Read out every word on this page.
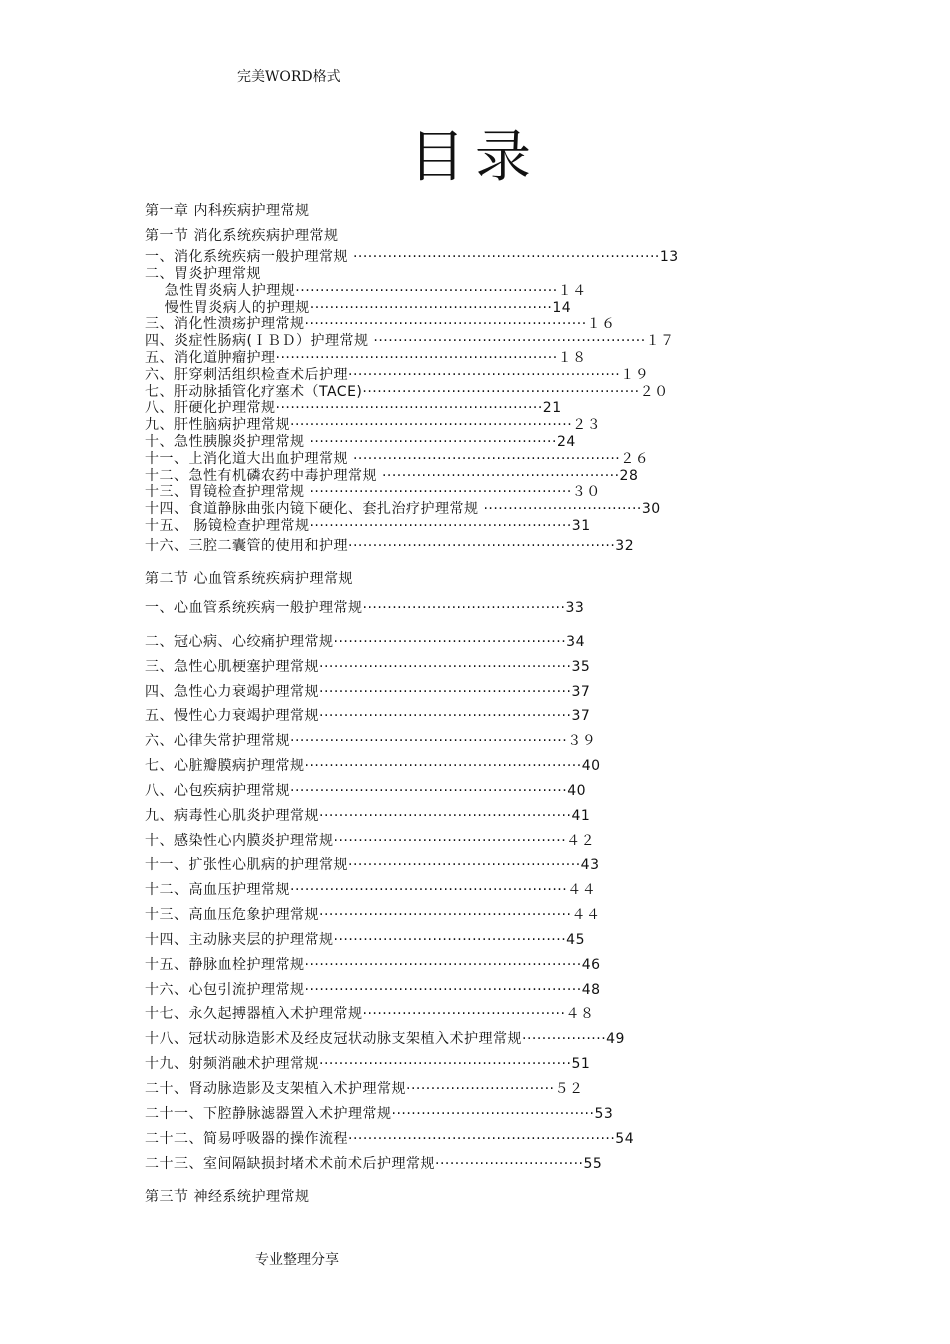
完美WORD格式
目录
第一章 内科疾病护理常规
第一节 消化系统疾病护理常规
一、消化系统疾病一般护理常规 ······························································13
二、胃炎护理常规
急性胃炎病人护理规·····················································１４
慢性胃炎病人的护理规·················································14
三、消化性溃疡护理常规·························································１６
四、炎症性肠病(ＩＢＤ）护理常规 ·······················································１７
五、消化道肿瘤护理·························································１８
六、肝穿刺活组织检查术后护理·······················································１９
七、肝动脉插管化疗塞术（TACE)························································２０
八、肝硬化护理常规······················································21
九、肝性脑病护理常规·························································２３
十、急性胰腺炎护理常规 ··················································24
十一、上消化道大出血护理常规 ······················································２６
十二、急性有机磷农药中毒护理常规 ················································28
十三、胃镜检查护理常规 ·····················································３０
十四、食道静脉曲张内镜下硬化、套扎治疗护理常规 ································30
十五、 肠镜检查护理常规·····················································31
十六、三腔二囊管的使用和护理······················································32
第二节 心血管系统疾病护理常规
一、心血管系统疾病一般护理常规·········································33
二、冠心病、心绞痛护理常规···············································34
三、急性心肌梗塞护理常规···················································35
四、急性心力衰竭护理常规···················································37
五、慢性心力衰竭护理常规···················································37
六、心律失常护理常规························································３９
七、心脏瓣膜病护理常规························································40
八、心包疾病护理常规························································40
九、病毒性心肌炎护理常规···················································41
十、感染性心内膜炎护理常规···············································４２
十一、扩张性心肌病的护理常规···············································43
十二、高血压护理常规························································４４
十三、高血压危象护理常规···················································４４
十四、主动脉夹层的护理常规···············································45
十五、静脉血栓护理常规························································46
十六、心包引流护理常规························································48
十七、永久起搏器植入术护理常规·········································４８
十八、冠状动脉造影术及经皮冠状动脉支架植入术护理常规·················49
十九、射频消融术护理常规···················································51
二十、肾动脉造影及支架植入术护理常规······························５２
二十一、下腔静脉滤器置入术护理常规·········································53
二十二、简易呼吸器的操作流程······················································54
二十三、室间隔缺损封堵术术前术后护理常规······························55
第三节 神经系统护理常规
专业整理分享
